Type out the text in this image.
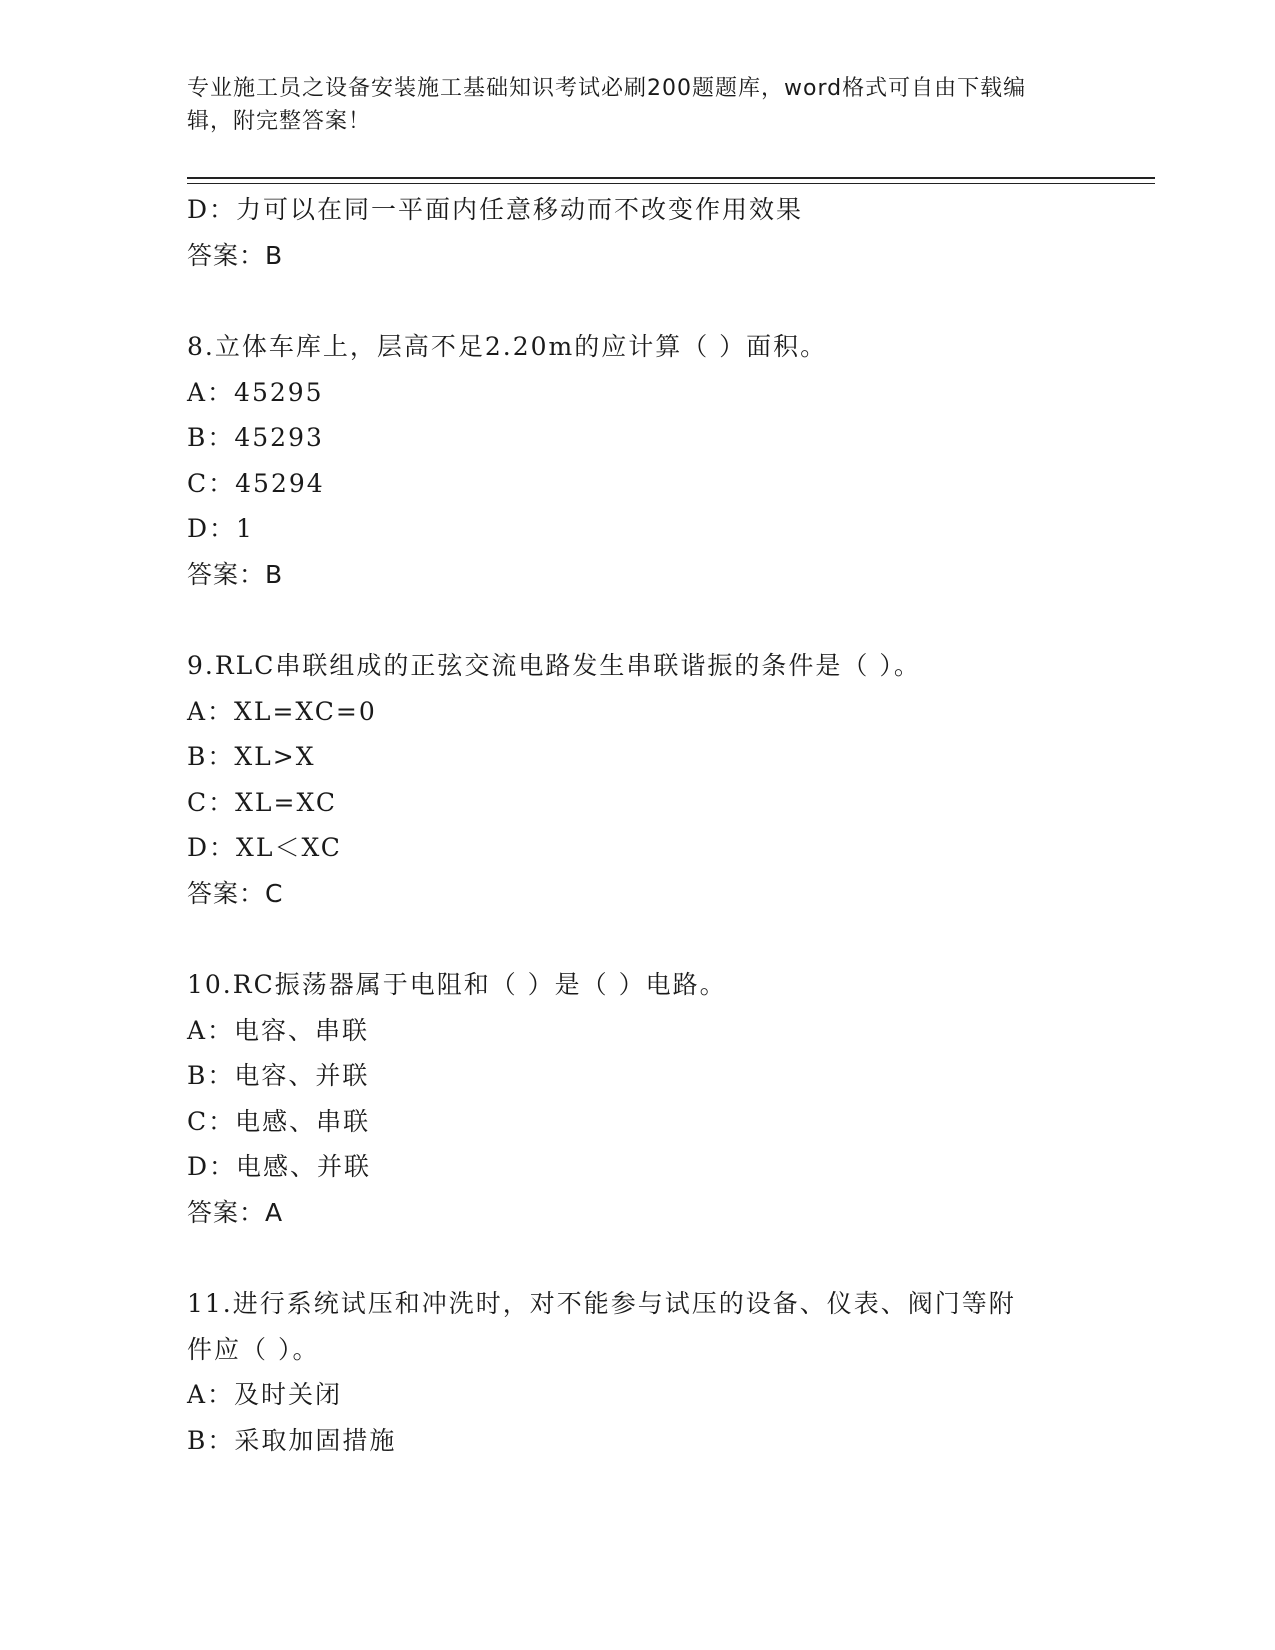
专业施工员之设备安装施工基础知识考试必刷200题题库，word格式可自由下载编辑，附完整答案！
D：力可以在同一平面内任意移动而不改变作用效果
答案：B
8.立体车库上，层高不足2.20m的应计算（ ）面积。
A：45295
B：45293
C：45294
D：1
答案：B
9.RLC串联组成的正弦交流电路发生串联谐振的条件是（ ）。
A：XL=XC=0
B：XL>X
C：XL=XC
D：XL＜XC
答案：C
10.RC振荡器属于电阻和（ ）是（ ）电路。
A：电容、串联
B：电容、并联
C：电感、串联
D：电感、并联
答案：A
11.进行系统试压和冲洗时，对不能参与试压的设备、仪表、阀门等附
件应（ ）。
A：及时关闭
B：采取加固措施
